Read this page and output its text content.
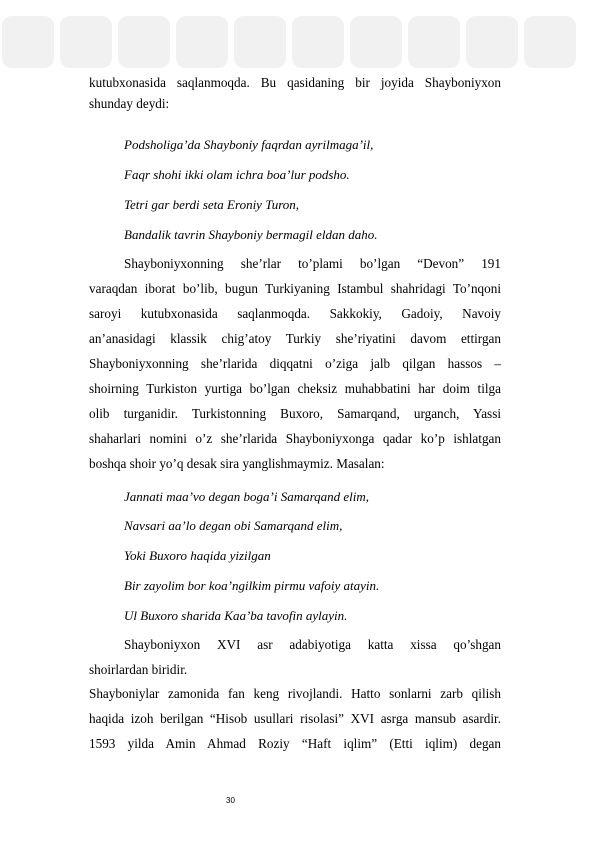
kutubxonasida saqlanmoqda. Bu qasidaning bir joyida Shayboniyxon
shunday deydi:
Podsholiga’da Shayboniy faqrdan ayrilmaga’il,
Faqr shohi ikki olam ichra boa’lur podsho.
Tetri gar berdi seta Eroniy Turon,
Bandalik tavrin Shayboniy bermagil eldan daho.
Shayboniyxonning she’rlar to’plami bo’lgan “Devon” 191
varaqdan iborat bo’lib, bugun Turkiyaning Istambul shahridagi To’nqoni
saroyi kutubxonasida saqlanmoqda. Sakkokiy, Gadoiy, Navoiy
an’anasidagi klassik chig’atoy Turkiy she’riyatini davom ettirgan
Shayboniyxonning she’rlarida diqqatni o’ziga jalb qilgan hassos –
shoirning Turkiston yurtiga bo’lgan cheksiz muhabbatini har doim tilga
olib turganidir. Turkistonning Buxoro, Samarqand, urganch, Yassi
shaharlari nomini o’z she’rlarida Shayboniyxonga qadar ko’p ishlatgan
boshqa shoir yo’q desak sira yanglishmaymiz. Masalan:
Jannati maa’vo degan boga’i Samarqand elim,
Navsari aa’lo degan obi Samarqand elim,
Yoki Buxoro haqida yizilgan
Bir zayolim bor koa’ngilkim pirmu vafoiy atayin.
Ul Buxoro sharida Kaa’ba tavofin aylayin.
Shayboniyxon XVI asr adabiyotiga katta xissa qo’shgan
shoirlardan biridir.
Shayboniylar zamonida fan keng rivojlandi. Hatto sonlarni zarb qilish
haqida izoh berilgan “Hisob usullari risolasi” XVI asrga mansub asardir.
1593 yilda Amin Ahmad Roziy “Haft iqlim” (Etti iqlim) degan
30
